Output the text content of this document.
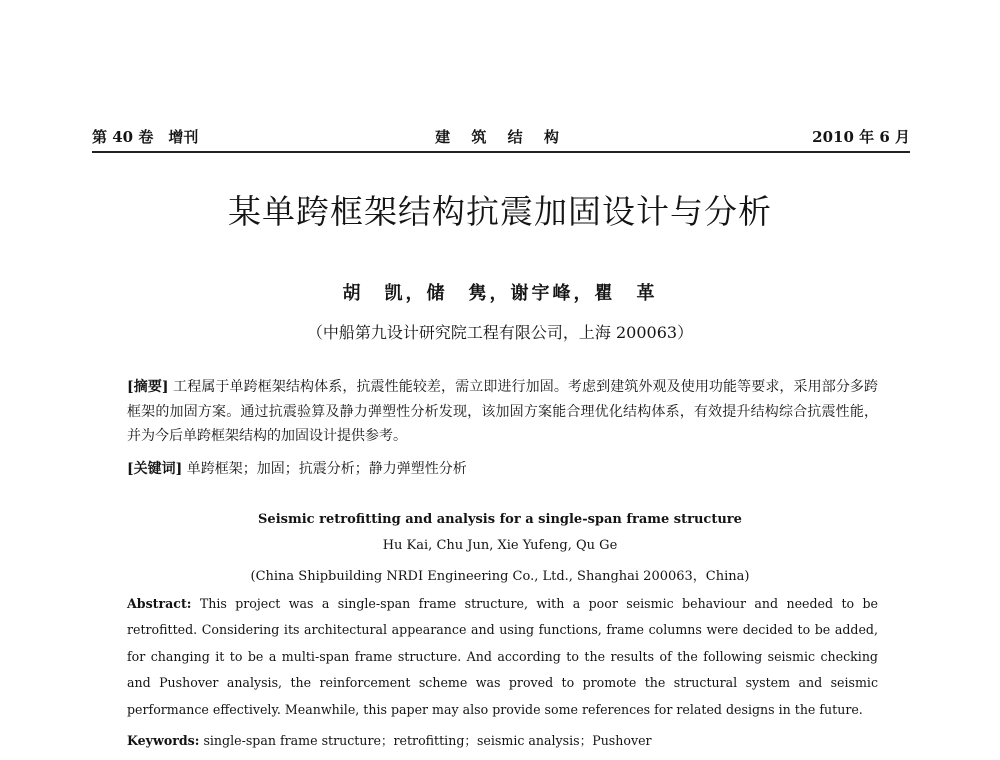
第 40 卷　增刊	建 筑 结 构	2010 年 6 月
某单跨框架结构抗震加固设计与分析
胡　凯，储　隽，谢宇峰，瞿　革
（中船第九设计研究院工程有限公司，上海 200063）
[摘要] 工程属于单跨框架结构体系，抗震性能较差，需立即进行加固。考虑到建筑外观及使用功能等要求，采用部分多跨框架的加固方案。通过抗震验算及静力弹塑性分析发现，该加固方案能合理优化结构体系，有效提升结构综合抗震性能，并为今后单跨框架结构的加固设计提供参考。
[关键词] 单跨框架；加固；抗震分析；静力弹塑性分析
Seismic retrofitting and analysis for a single-span frame structure
Hu Kai, Chu Jun, Xie Yufeng, Qu Ge
(China Shipbuilding NRDI Engineering Co., Ltd., Shanghai 200063，China)
Abstract: This project was a single-span frame structure, with a poor seismic behaviour and needed to be retrofitted. Considering its architectural appearance and using functions, frame columns were decided to be added, for changing it to be a multi-span frame structure. And according to the results of the following seismic checking and Pushover analysis, the reinforcement scheme was proved to promote the structural system and seismic performance effectively. Meanwhile, this paper may also provide some references for related designs in the future.
Keywords: single-span frame structure；retrofitting；seismic analysis；Pushover
